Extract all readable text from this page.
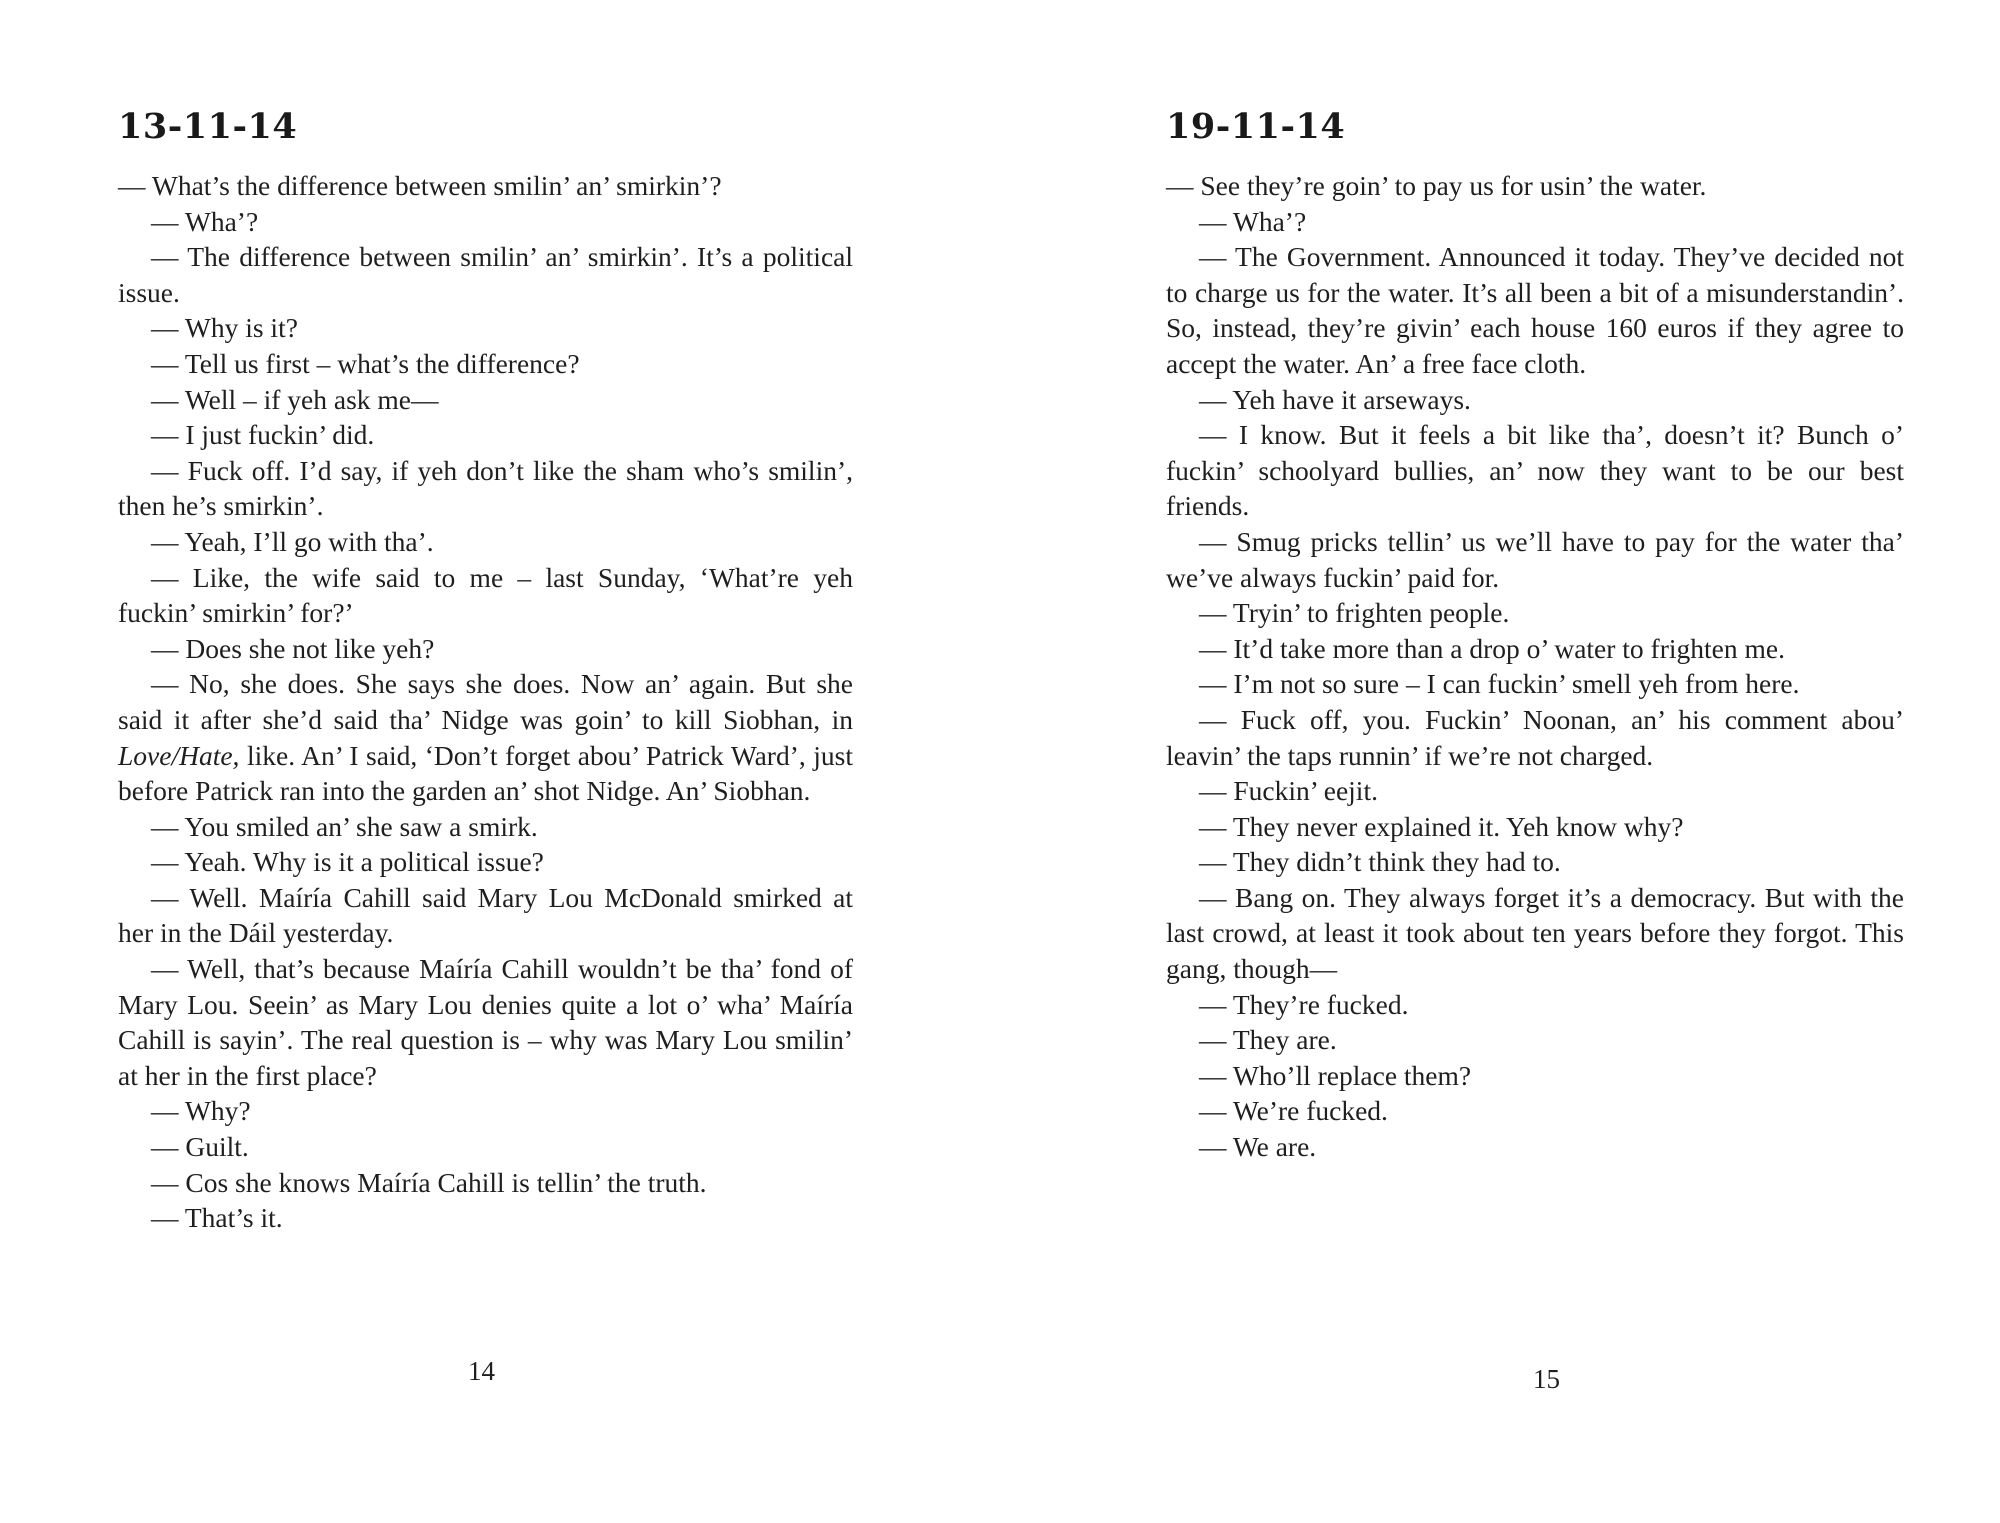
13-11-14

— What’s the difference between smilin’ an’ smirkin’?

— Wha’?

— The difference between smilin’ an’ smirkin’. It’s a political issue.

— Why is it?

— Tell us first – what’s the difference?

— Well – if yeh ask me—

— I just fuckin’ did.

— Fuck off. I’d say, if yeh don’t like the sham who’s smilin’, then he’s smirkin’.

— Yeah, I’ll go with tha’.

— Like, the wife said to me – last Sunday, ‘What’re yeh fuckin’ smirkin’ for?’

— Does she not like yeh?

— No, she does. She says she does. Now an’ again. But she said it after she’d said tha’ Nidge was goin’ to kill Siobhan, in Love/Hate, like. An’ I said, ‘Don’t forget abou’ Patrick Ward’, just before Patrick ran into the garden an’ shot Nidge. An’ Siobhan.

— You smiled an’ she saw a smirk.

— Yeah. Why is it a political issue?

— Well. Maíría Cahill said Mary Lou McDonald smirked at her in the Dáil yesterday.

— Well, that’s because Maíría Cahill wouldn’t be tha’ fond of Mary Lou. Seein’ as Mary Lou denies quite a lot o’ wha’ Maíría Cahill is sayin’. The real question is – why was Mary Lou smilin’ at her in the first place?

— Why?

— Guilt.

— Cos she knows Maíría Cahill is tellin’ the truth.

— That’s it.

14
19-11-14

— See they’re goin’ to pay us for usin’ the water.

— Wha’?

— The Government. Announced it today. They’ve decided not to charge us for the water. It’s all been a bit of a misunderstandin’. So, instead, they’re givin’ each house 160 euros if they agree to accept the water. An’ a free face cloth.

— Yeh have it arseways.

— I know. But it feels a bit like tha’, doesn’t it? Bunch o’ fuckin’ schoolyard bullies, an’ now they want to be our best friends.

— Smug pricks tellin’ us we’ll have to pay for the water tha’ we’ve always fuckin’ paid for.

— Tryin’ to frighten people.

— It’d take more than a drop o’ water to frighten me.

— I’m not so sure – I can fuckin’ smell yeh from here.

— Fuck off, you. Fuckin’ Noonan, an’ his comment abou’ leavin’ the taps runnin’ if we’re not charged.

— Fuckin’ eejit.

— They never explained it. Yeh know why?

— They didn’t think they had to.

— Bang on. They always forget it’s a democracy. But with the last crowd, at least it took about ten years before they forgot. This gang, though—

— They’re fucked.

— They are.

— Who’ll replace them?

— We’re fucked.

— We are.

15
